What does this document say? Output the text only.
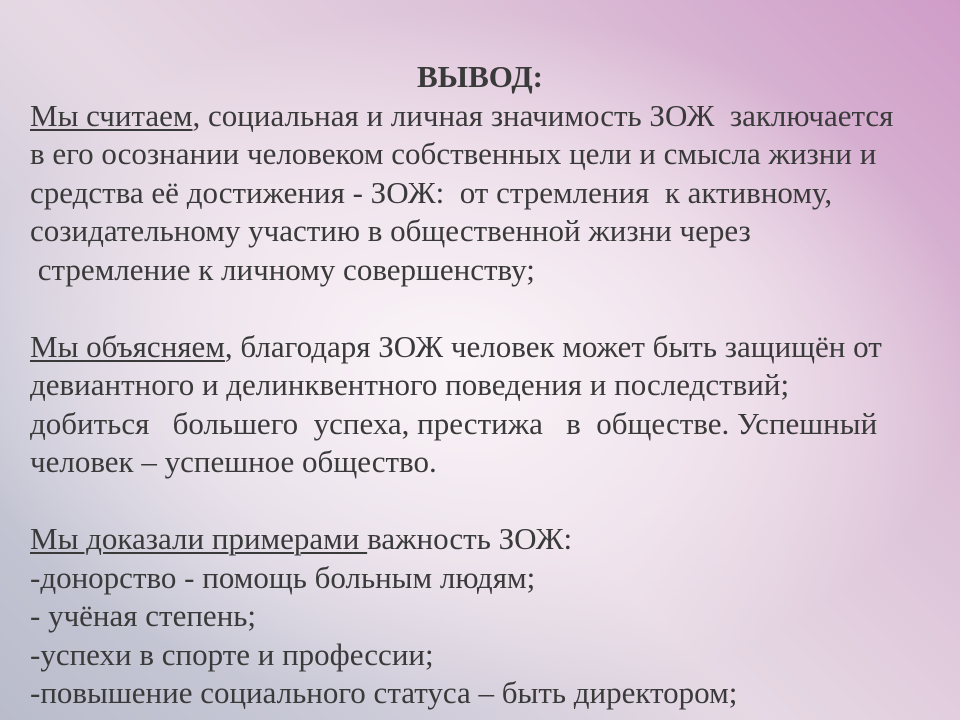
ВЫВОД:
Мы считаем, социальная и личная значимость ЗОЖ  заключается
в его осознании человеком собственных цели и смысла жизни и
средства её достижения - ЗОЖ:  от стремления  к активному,
созидательному участию в общественной жизни через
стремление к личному совершенству;
Мы объясняем, благодаря ЗОЖ человек может быть защищён от
девиантного и делинквентного поведения и последствий;
добиться   большего  успеха, престижа   в  обществе. Успешный
человек – успешное общество.
Мы доказали примерами важность ЗОЖ:
-донорство - помощь больным людям;
- учёная степень;
-успехи в спорте и профессии;
-повышение социального статуса – быть директором;
